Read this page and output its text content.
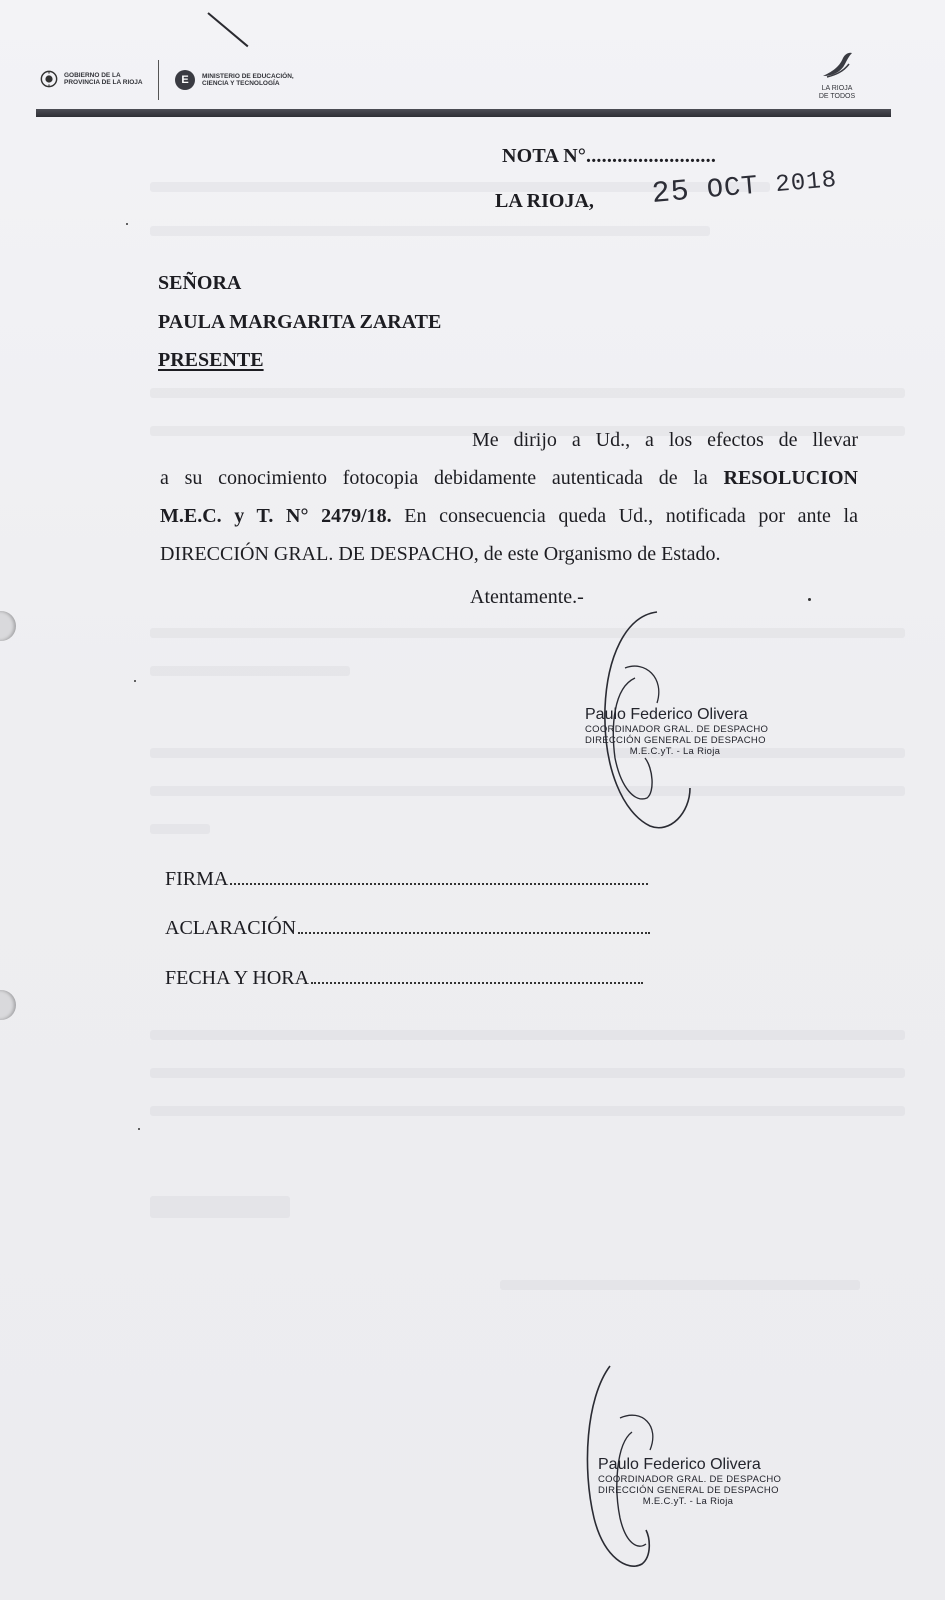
GOBIERNO DE LA
PROVINCIA DE LA RIOJA	E	MINISTERIO DE EDUCACIÓN,
CIENCIA Y TECNOLOGÍA
LA RIOJA
DE TODOS
NOTA N°.........................
LA RIOJA, 25 OCT 2018
SEÑORA
PAULA MARGARITA ZARATE
PRESENTE
Me dirijo a Ud., a los efectos de llevar
a su conocimiento fotocopia debidamente autenticada de la RESOLUCION
M.E.C. y T. N° 2479/18. En consecuencia queda Ud., notificada por ante la
DIRECCIÓN GRAL. DE DESPACHO, de este Organismo de Estado.
Atentamente.-
Paulo Federico Olivera
COORDINADOR GRAL. DE DESPACHO
DIRECCIÓN GENERAL DE DESPACHO
M.E.C.yT. - La Rioja
FIRMA
ACLARACIÓN
FECHA Y HORA
Paulo Federico Olivera
COORDINADOR GRAL. DE DESPACHO
DIRECCIÓN GENERAL DE DESPACHO
M.E.C.yT. - La Rioja
